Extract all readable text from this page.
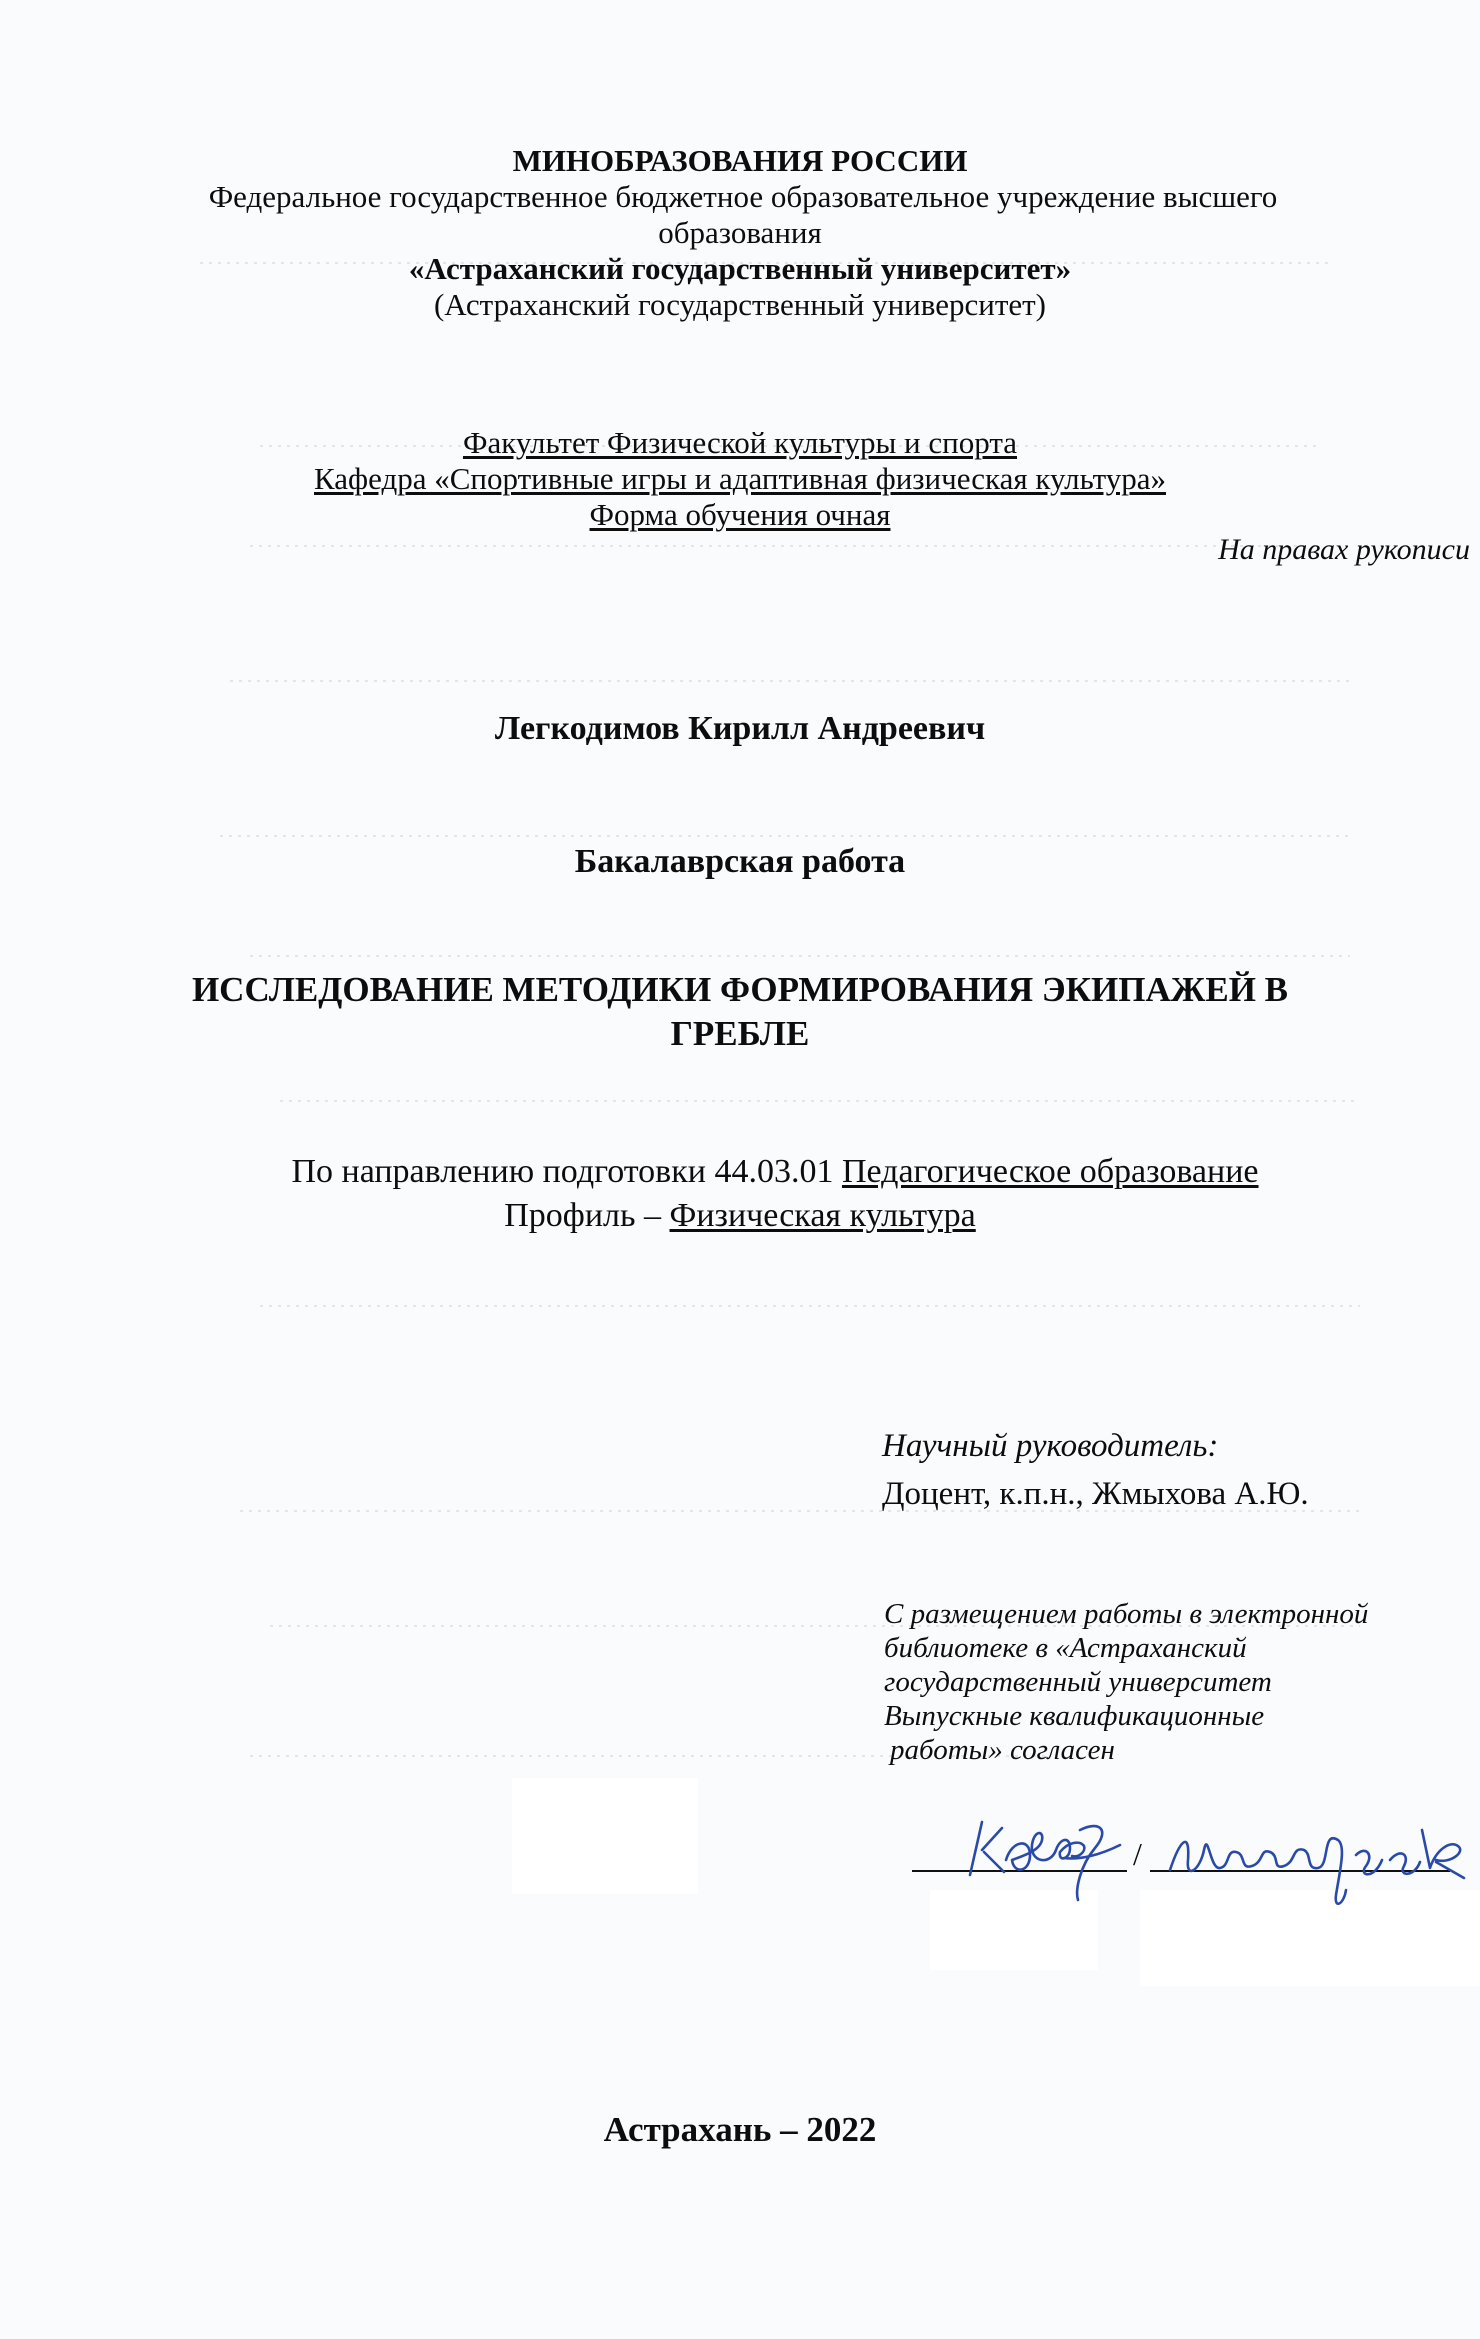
МИНОБРАЗОВАНИЯ РОССИИ
Федеральное государственное бюджетное образовательное учреждение высшего
образования
«Астраханский государственный университет»
(Астраханский государственный университет)
Факультет Физической культуры и спорта
Кафедра «Спортивные игры и адаптивная физическая культура»
Форма обучения очная
На правах рукописи
Легкодимов Кирилл Андреевич
Бакалаврская работа
ИССЛЕДОВАНИЕ МЕТОДИКИ ФОРМИРОВАНИЯ ЭКИПАЖЕЙ В
ГРЕБЛЕ
По направлению подготовки 44.03.01 Педагогическое образование
Профиль – Физическая культура
Научный руководитель:
Доцент, к.п.н., Жмыхова А.Ю.
С размещением работы в электронной
библиотеке в «Астраханский
государственный университет
Выпускные квалификационные
работы» согласен
/
Астрахань – 2022
